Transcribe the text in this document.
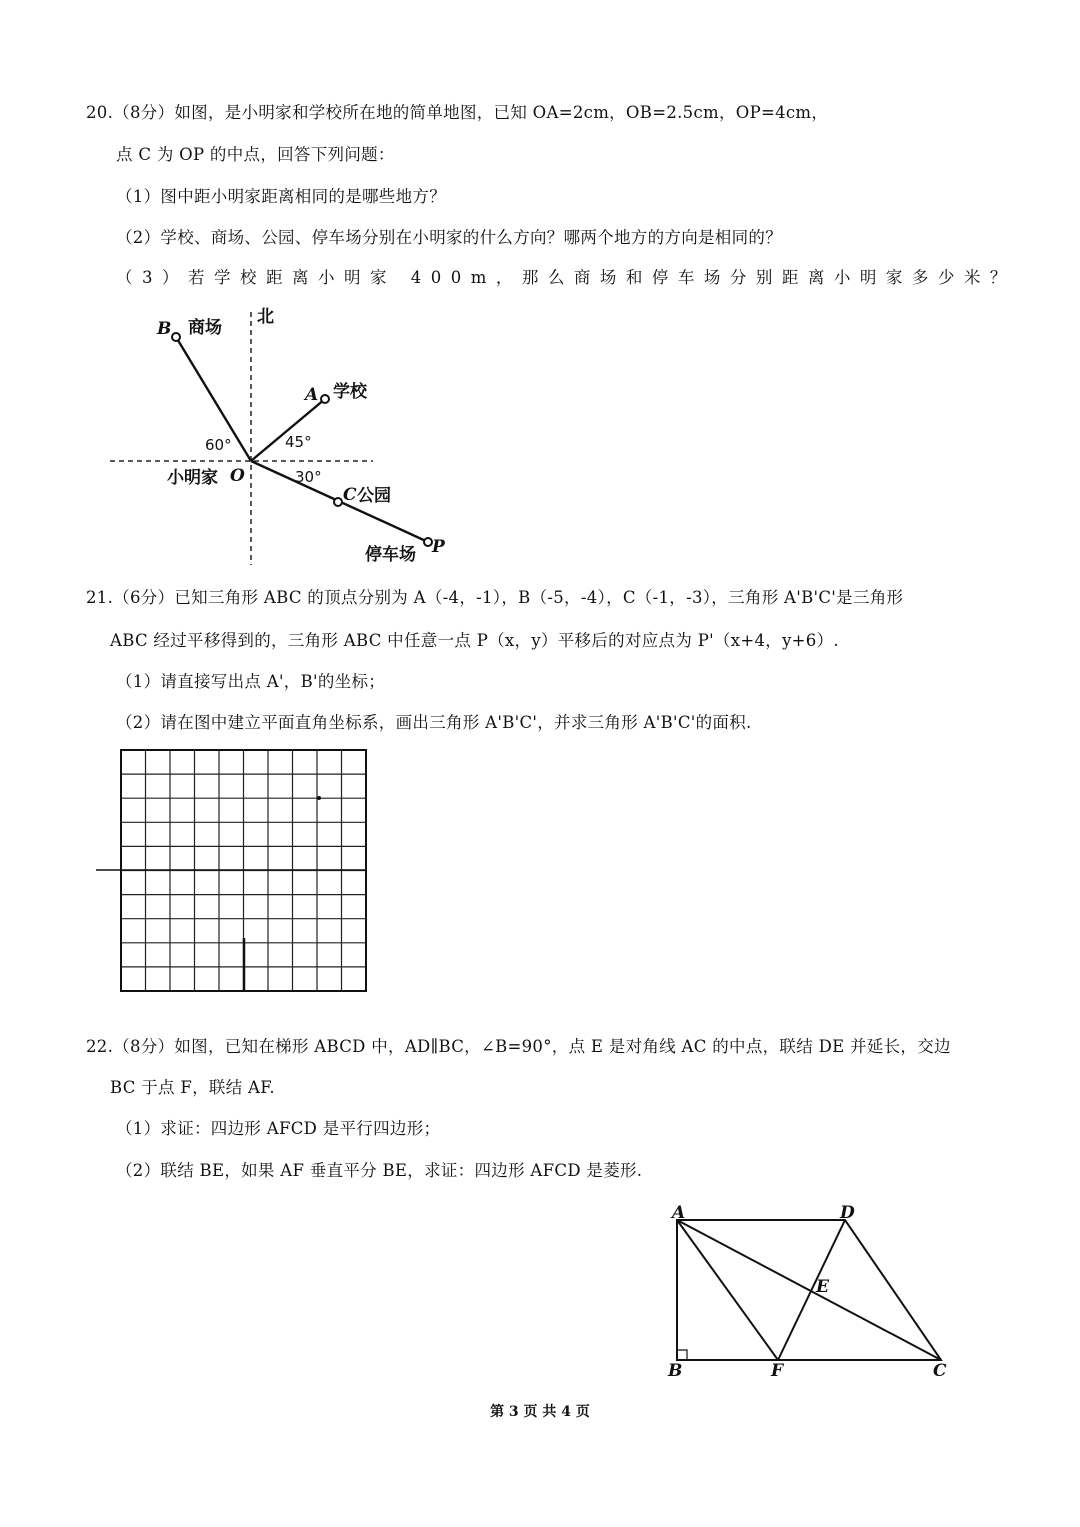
20.（8分）如图，是小明家和学校所在地的简单地图，已知 OA=2cm，OB=2.5cm，OP=4cm，
点 C 为 OP 的中点，回答下列问题：
（1）图中距小明家距离相同的是哪些地方？
（2）学校、商场、公园、停车场分别在小明家的什么方向？哪两个地方的方向是相同的？
（3）若学校距离小明家 400m，那么商场和停车场分别距离小明家多少米？
北
B 商场
A 学校
60°	45°
小明家 O	30°
C 公园
P
停车场
21.（6分）已知三角形 ABC 的顶点分别为 A（-4，-1），B（-5，-4），C（-1，-3），三角形 A'B'C'是三角形
ABC 经过平移得到的，三角形 ABC 中任意一点 P（x，y）平移后的对应点为 P'（x+4，y+6）.
（1）请直接写出点 A'，B'的坐标；
（2）请在图中建立平面直角坐标系，画出三角形 A'B'C'，并求三角形 A'B'C'的面积.
22.（8分）如图，已知在梯形 ABCD 中，AD∥BC，∠B=90°，点 E 是对角线 AC 的中点，联结 DE 并延长，交边
BC 于点 F，联结 AF.
（1）求证：四边形 AFCD 是平行四边形；
（2）联结 BE，如果 AF 垂直平分 BE，求证：四边形 AFCD 是菱形.
A	D
E
B	F	C
第 3 页 共 4 页
